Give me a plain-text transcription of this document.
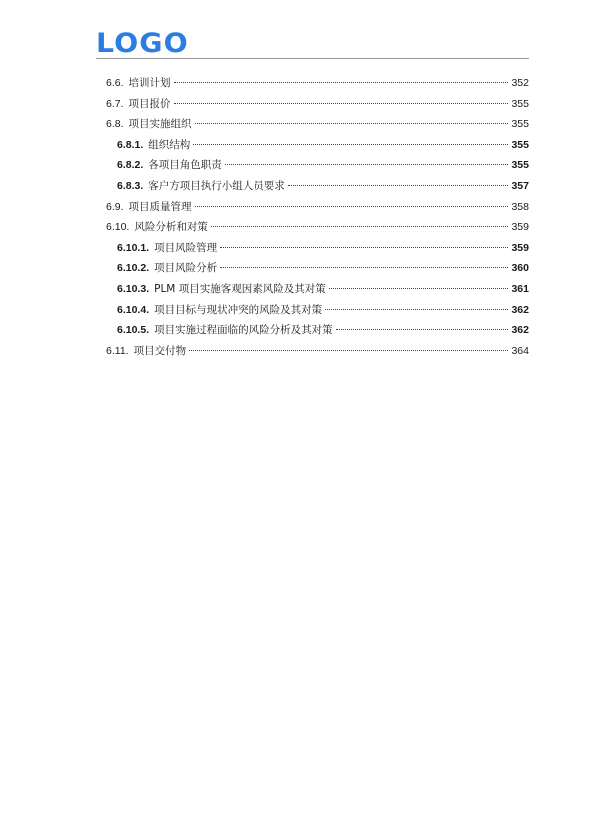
LOGO
6.6. 培训计划	352
6.7. 项目报价	355
6.8. 项目实施组织	355
6.8.1. 组织结构	355
6.8.2. 各项目角色职责	355
6.8.3. 客户方项目执行小组人员要求	357
6.9. 项目质量管理	358
6.10. 风险分析和对策	359
6.10.1. 项目风险管理	359
6.10.2. 项目风险分析	360
6.10.3. PLM 项目实施客观因素风险及其对策	361
6.10.4. 项目目标与现状冲突的风险及其对策	362
6.10.5. 项目实施过程面临的风险分析及其对策	362
6.11. 项目交付物	364
